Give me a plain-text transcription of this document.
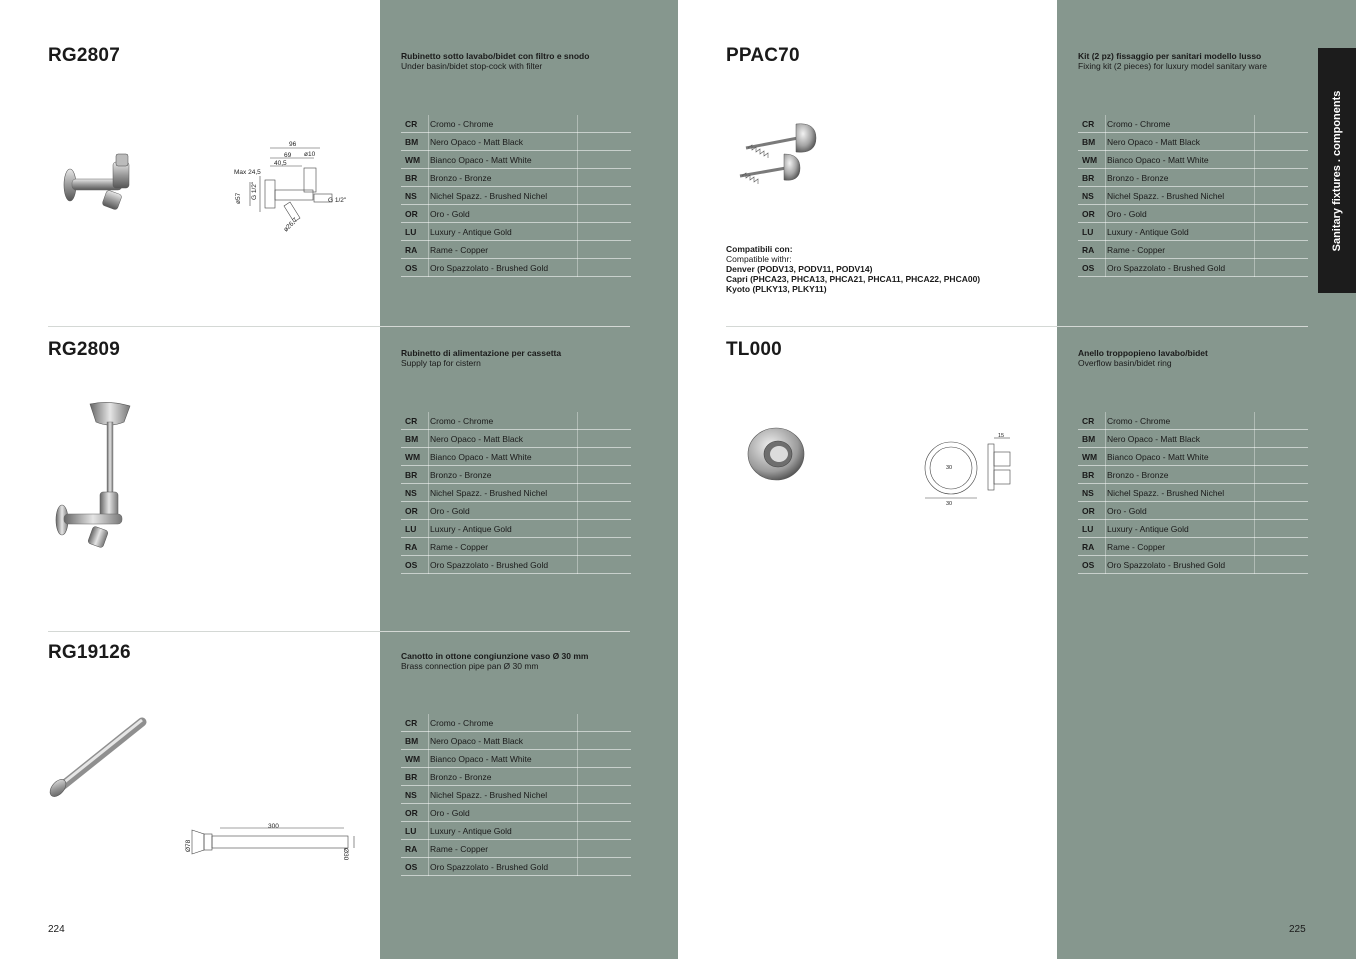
RG2807	Rubinetto sotto lavabo/bidet con filtro e snodo
Under basin/bidet stop-cock with filter
CR	Cromo - Chrome
BM	Nero Opaco - Matt Black
WM	Bianco Opaco - Matt White
BR	Bronzo - Bronze
NS	Nichel Spazz. - Brushed Nichel
OR	Oro - Gold
LU	Luxury - Antique Gold
RA	Rame - Copper
OS	Oro Spazzolato - Brushed Gold
96
69 ø10
40,5
Max 24,5
G 1/2"
ø57	G 1/2"
ø26,7
RG2809	Rubinetto di alimentazione per cassetta
Supply tap for cistern
CR	Cromo - Chrome
BM	Nero Opaco - Matt Black
WM	Bianco Opaco - Matt White
BR	Bronzo - Bronze
NS	Nichel Spazz. - Brushed Nichel
OR	Oro - Gold
LU	Luxury - Antique Gold
RA	Rame - Copper
OS	Oro Spazzolato - Brushed Gold
RG19126	Canotto in ottone congiunzione vaso Ø 30 mm
Brass connection pipe pan Ø 30 mm
CR	Cromo - Chrome
BM	Nero Opaco - Matt Black
WM	Bianco Opaco - Matt White
BR	Bronzo - Bronze
NS	Nichel Spazz. - Brushed Nichel
OR	Oro - Gold
LU	Luxury - Antique Gold
RA	Rame - Copper
OS	Oro Spazzolato - Brushed Gold
300
Ø78
Ø30
PPAC70	Kit (2 pz) fissaggio per sanitari modello lusso
Fixing kit (2 pieces) for luxury model sanitary ware
CR	Cromo - Chrome
BM	Nero Opaco - Matt Black
WM	Bianco Opaco - Matt White
BR	Bronzo - Bronze
NS	Nichel Spazz. - Brushed Nichel
OR	Oro - Gold
LU	Luxury - Antique Gold
RA	Rame - Copper
OS	Oro Spazzolato - Brushed Gold
Compatibili con:
Compatible withr:
Denver (PODV13, PODV11, PODV14)
Capri (PHCA23, PHCA13, PHCA21, PHCA11, PHCA22, PHCA00)
Kyoto (PLKY13, PLKY11)
TL000	Anello troppopieno lavabo/bidet
Overflow basin/bidet ring
CR	Cromo - Chrome
BM	Nero Opaco - Matt Black
WM	Bianco Opaco - Matt White
BR	Bronzo - Bronze
NS	Nichel Spazz. - Brushed Nichel
OR	Oro - Gold
LU	Luxury - Antique Gold
RA	Rame - Copper
OS	Oro Spazzolato - Brushed Gold
15
30
30
Sanitary fixtures . components
224	225
